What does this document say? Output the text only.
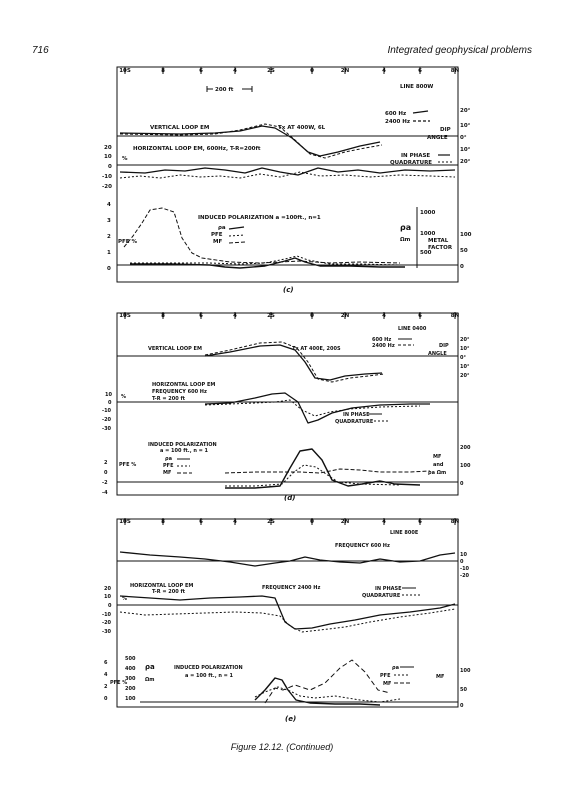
716	Integrated geophysical problems
10S	8	6	4	2S	0	2N	4	6	8N
10S	8	6	4	2S	0	2N	4	6	8N
10S	8	6	4	2S	0	2N	4	6	8N
LINE 800W
200 ft
VERTICAL LOOP EM	Tx AT 400W, 6L
600 Hz
2400 Hz
ANGLE
DIP
20°
10°
0°
10°
20°
HORIZONTAL LOOP EM, 600Hz, T-R=200ft
IN PHASE
QUADRATURE
20
10 %
0
-10
-20
INDUCED POLARIZATION a =100ft., n=1
ρa
PFE
MF
4
3
PFE %
2
1
0
1000
1000
500
ρa
Ωm	METAL
FACTOR
100
50
0
(c)
LINE 0400
VERTICAL LOOP EM	Tx AT 400E, 200S
600 Hz
2400 Hz	DIP
ANGLE
20°
10°
0°
10°
20°
HORIZONTAL LOOP EM
FREQUENCY 600 Hz
T-R = 200 ft
10 %
0
-10
-20
-30
IN PHASE
QUADRATURE
INDUCED POLARIZATION
a = 100 ft., n = 1
ρa
PFE
MF
2 PFE %
0
-2
-4
MF
and
ρa Ωm
200
100
0
(d)
LINE 800E
FREQUENCY 600 Hz
10
0
-10
-20
HORIZONTAL LOOP EM
T-R = 200 ft
FREQUENCY 2400 Hz	IN PHASE
QUADRATURE
20
10 %
0
-10
-20
-30
INDUCED POLARIZATION
a = 100 ft., n = 1
ρa
Ωm
ρa
PFE
MF
6
4
2
0
PFE %
500
400
300
200
100
MF
100
50
0
(e)
Figure 12.12. (Continued)
